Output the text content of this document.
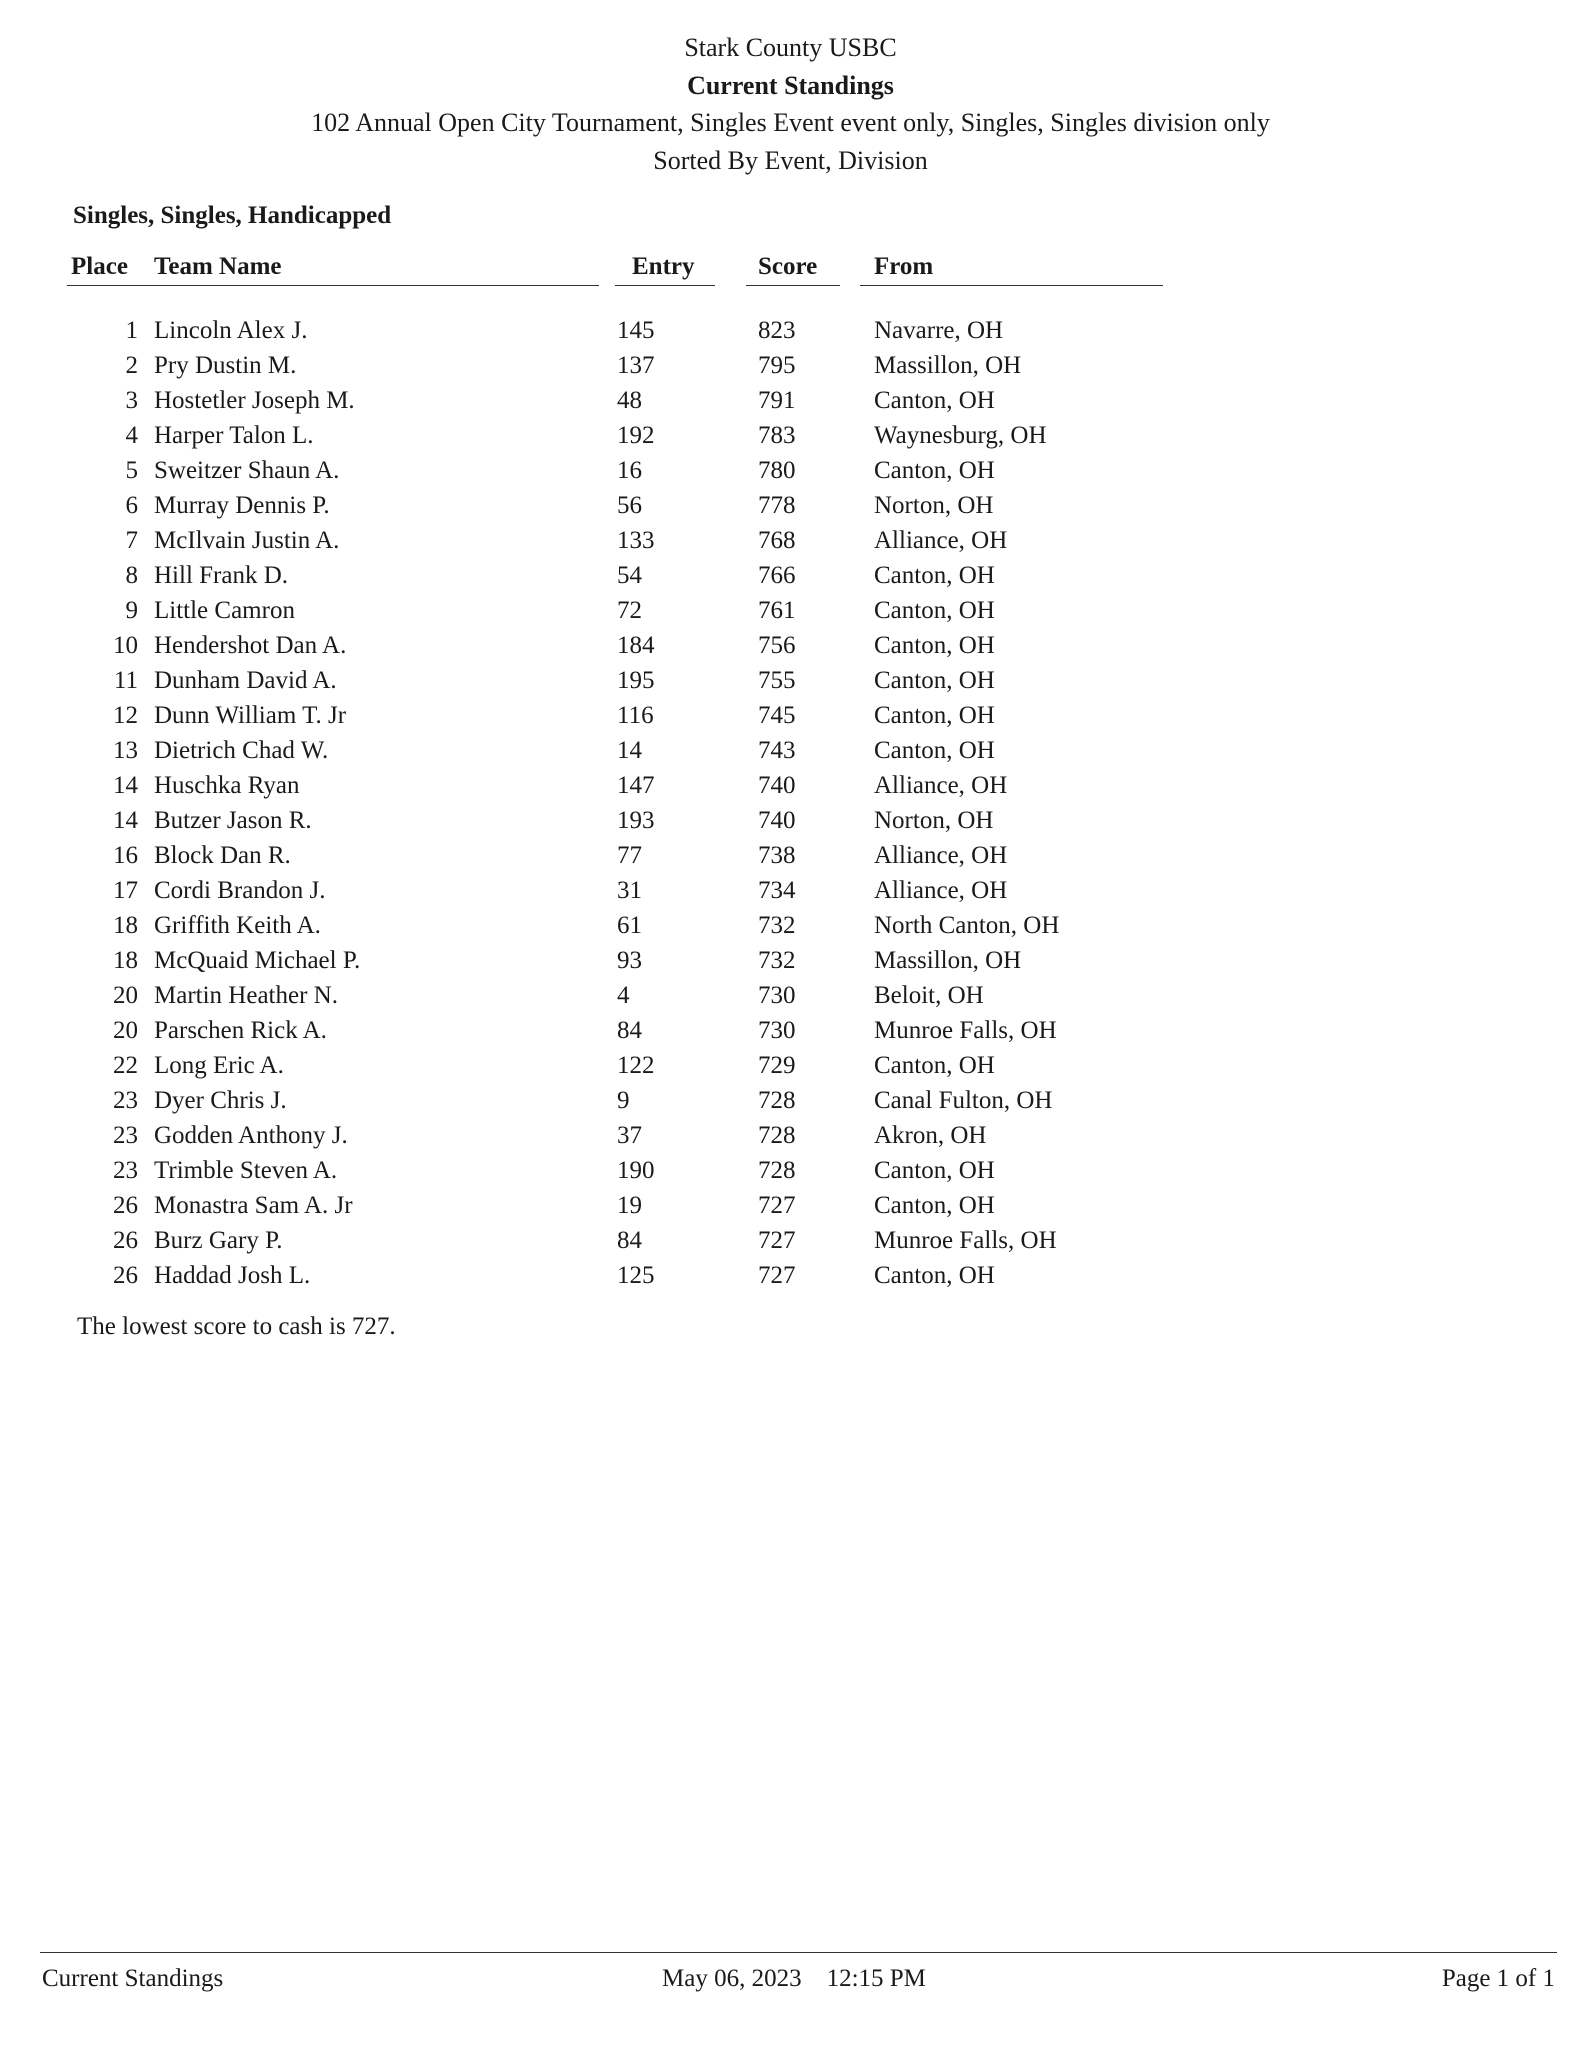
Stark County USBC
Current Standings
102 Annual Open City Tournament, Singles Event event only, Singles, Singles division only
Sorted By Event, Division
Singles, Singles, Handicapped
Place Team Name	Entry	Score From
1 Lincoln Alex J.	145	823	Navarre, OH
2 Pry Dustin M.	137	795	Massillon, OH
3 Hostetler Joseph M.	48	791	Canton, OH
4 Harper Talon L.	192	783	Waynesburg, OH
5 Sweitzer Shaun A.	16	780	Canton, OH
6 Murray Dennis P.	56	778	Norton, OH
7 McIlvain Justin A.	133	768	Alliance, OH
8 Hill Frank D.	54	766	Canton, OH
9 Little Camron	72	761	Canton, OH
10 Hendershot Dan A.	184	756	Canton, OH
11 Dunham David A.	195	755	Canton, OH
12 Dunn William T. Jr	116	745	Canton, OH
13 Dietrich Chad W.	14	743	Canton, OH
14 Huschka Ryan	147	740	Alliance, OH
14 Butzer Jason R.	193	740	Norton, OH
16 Block Dan R.	77	738	Alliance, OH
17 Cordi Brandon J.	31	734	Alliance, OH
18 Griffith Keith A.	61	732	North Canton, OH
18 McQuaid Michael P.	93	732	Massillon, OH
20 Martin Heather N.	4	730	Beloit, OH
20 Parschen Rick A.	84	730	Munroe Falls, OH
22 Long Eric A.	122	729	Canton, OH
23 Dyer Chris J.	9	728	Canal Fulton, OH
23 Godden Anthony J.	37	728	Akron, OH
23 Trimble Steven A.	190	728	Canton, OH
26 Monastra Sam A. Jr	19	727	Canton, OH
26 Burz Gary P.	84	727	Munroe Falls, OH
26 Haddad Josh L.	125	727	Canton, OH
The lowest score to cash is 727.
Current Standings	May 06, 2023    12:15 PM	Page 1 of 1
